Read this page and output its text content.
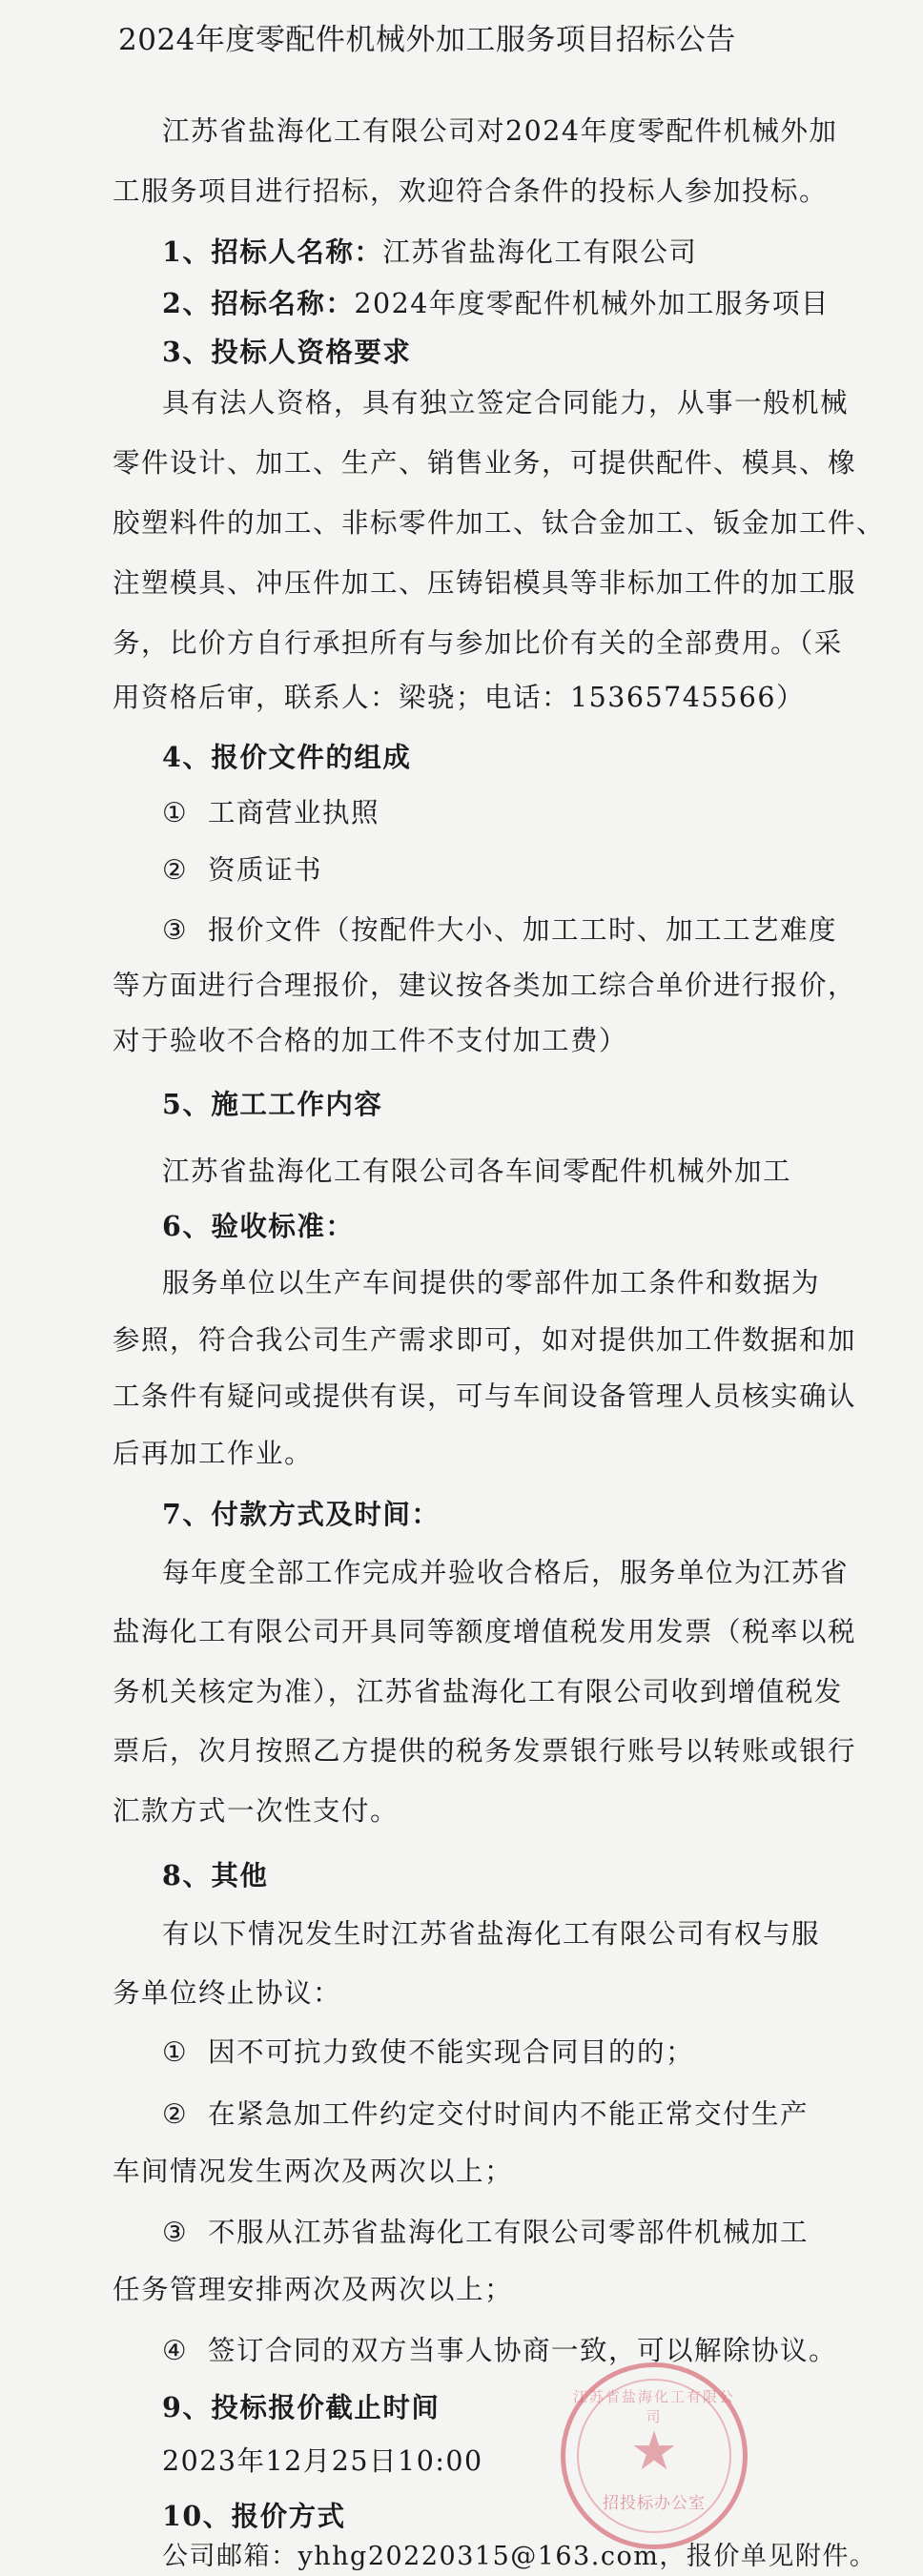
2024年度零配件机械外加工服务项目招标公告
江苏省盐海化工有限公司对2024年度零配件机械外加
工服务项目进行招标，欢迎符合条件的投标人参加投标。
1、招标人名称：江苏省盐海化工有限公司
2、招标名称：2024年度零配件机械外加工服务项目
3、投标人资格要求
具有法人资格，具有独立签定合同能力，从事一般机械
零件设计、加工、生产、销售业务，可提供配件、模具、橡
胶塑料件的加工、非标零件加工、钛合金加工、钣金加工件、
注塑模具、冲压件加工、压铸铝模具等非标加工件的加工服
务，比价方自行承担所有与参加比价有关的全部费用。（采
用资格后审，联系人：梁骁；电话：15365745566）
4、报价文件的组成
① 工商营业执照
② 资质证书
③ 报价文件（按配件大小、加工工时、加工工艺难度
等方面进行合理报价，建议按各类加工综合单价进行报价，
对于验收不合格的加工件不支付加工费）
5、施工工作内容
江苏省盐海化工有限公司各车间零配件机械外加工
6、验收标准：
服务单位以生产车间提供的零部件加工条件和数据为
参照，符合我公司生产需求即可，如对提供加工件数据和加
工条件有疑问或提供有误，可与车间设备管理人员核实确认
后再加工作业。
7、付款方式及时间：
每年度全部工作完成并验收合格后，服务单位为江苏省
盐海化工有限公司开具同等额度增值税发用发票（税率以税
务机关核定为准），江苏省盐海化工有限公司收到增值税发
票后，次月按照乙方提供的税务发票银行账号以转账或银行
汇款方式一次性支付。
8、其他
有以下情况发生时江苏省盐海化工有限公司有权与服
务单位终止协议：
① 因不可抗力致使不能实现合同目的的；
② 在紧急加工件约定交付时间内不能正常交付生产
车间情况发生两次及两次以上；
③ 不服从江苏省盐海化工有限公司零部件机械加工
任务管理安排两次及两次以上；
④ 签订合同的双方当事人协商一致，可以解除协议。
9、投标报价截止时间
2023年12月25日10:00
江苏省盐海化工有限公司
★
招投标办公室
10、报价方式
公司邮箱：yhhg20220315@163.com，报价单见附件。
